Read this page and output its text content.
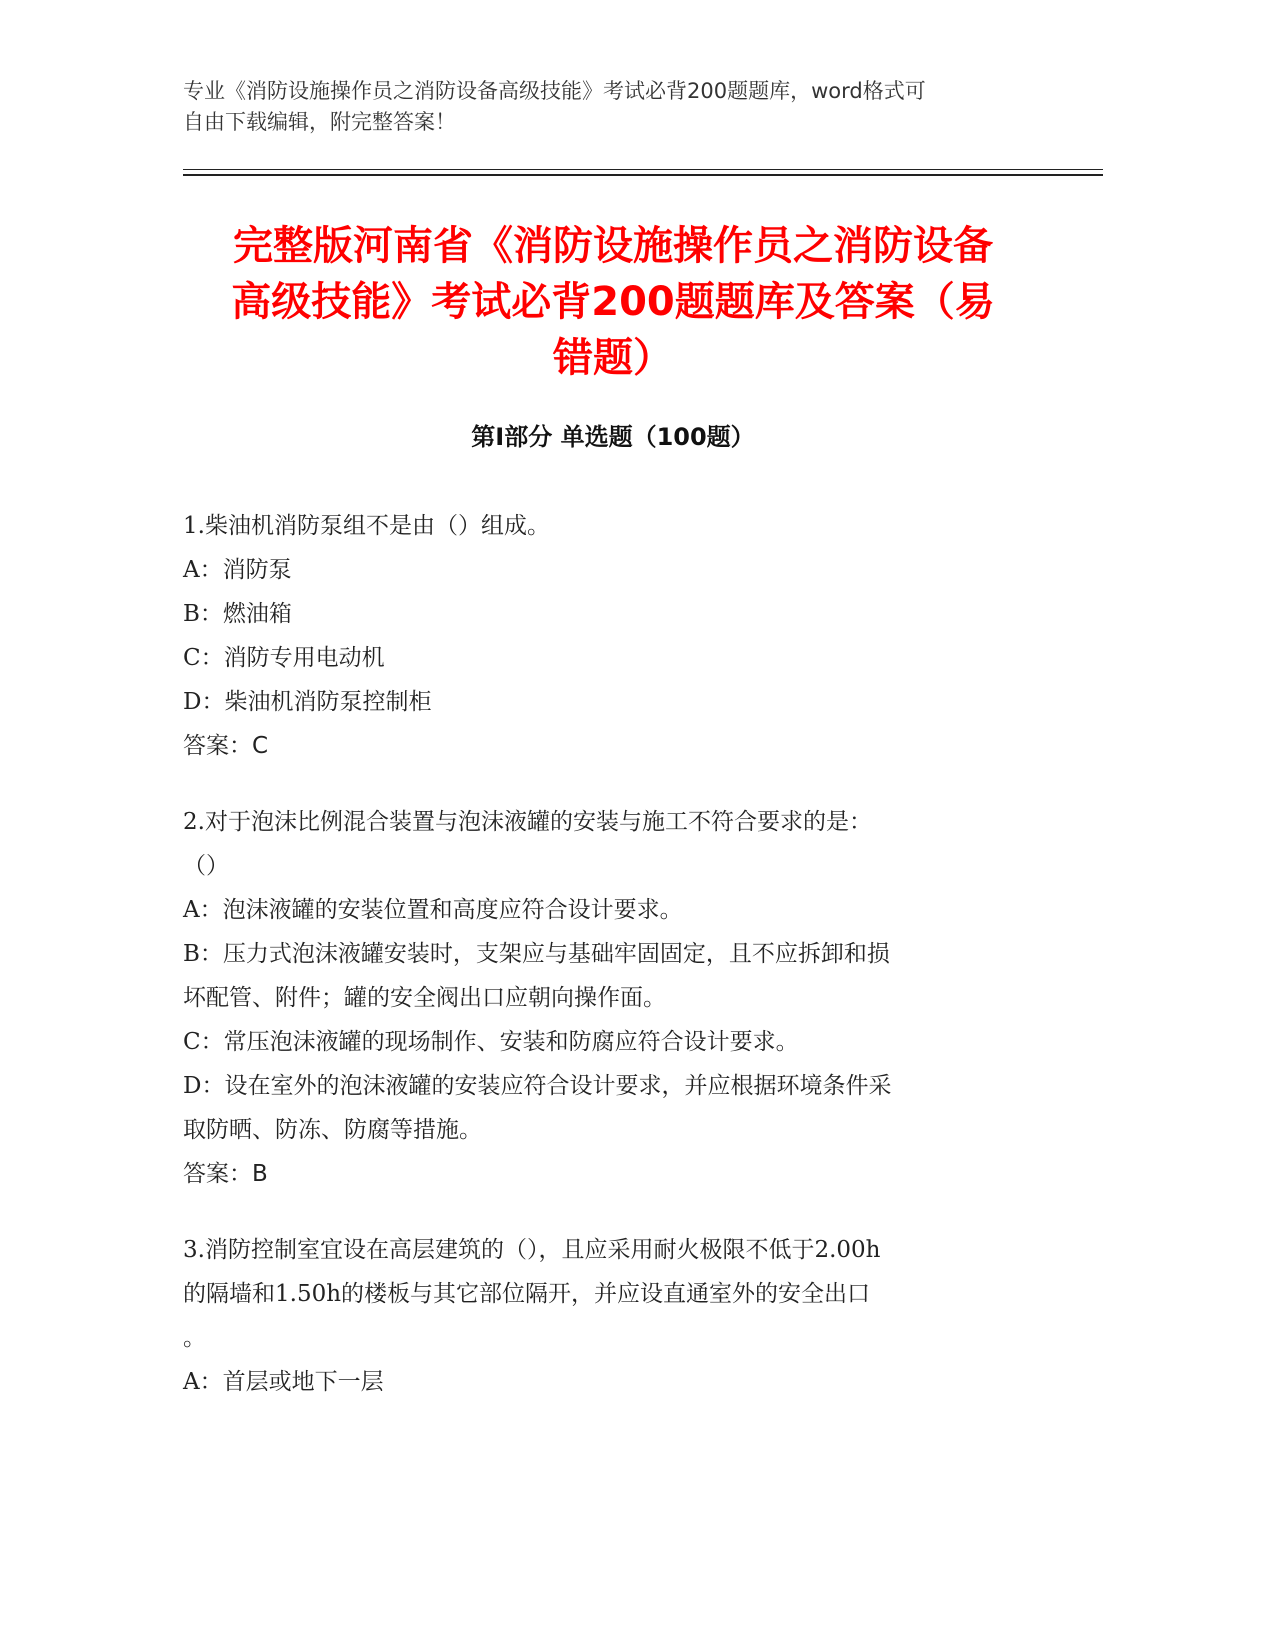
专业《消防设施操作员之消防设备高级技能》考试必背200题题库，word格式可
自由下载编辑，附完整答案！
完整版河南省《消防设施操作员之消防设备
高级技能》考试必背200题题库及答案（易
错题）
第Ⅰ部分 单选题（100题）

1.柴油机消防泵组不是由（）组成。

A：消防泵

B：燃油箱

C：消防专用电动机

D：柴油机消防泵控制柜

答案：C

2.对于泡沫比例混合装置与泡沫液罐的安装与施工不符合要求的是：

（）

A：泡沫液罐的安装位置和高度应符合设计要求。

B：压力式泡沫液罐安装时，支架应与基础牢固固定，且不应拆卸和损

坏配管、附件；罐的安全阀出口应朝向操作面。

C：常压泡沫液罐的现场制作、安装和防腐应符合设计要求。

D：设在室外的泡沫液罐的安装应符合设计要求，并应根据环境条件采

取防晒、防冻、防腐等措施。

答案：B

3.消防控制室宜设在高层建筑的（），且应采用耐火极限不低于2.00h

的隔墙和1.50h的楼板与其它部位隔开，并应设直通室外的安全出口

。

A：首层或地下一层
